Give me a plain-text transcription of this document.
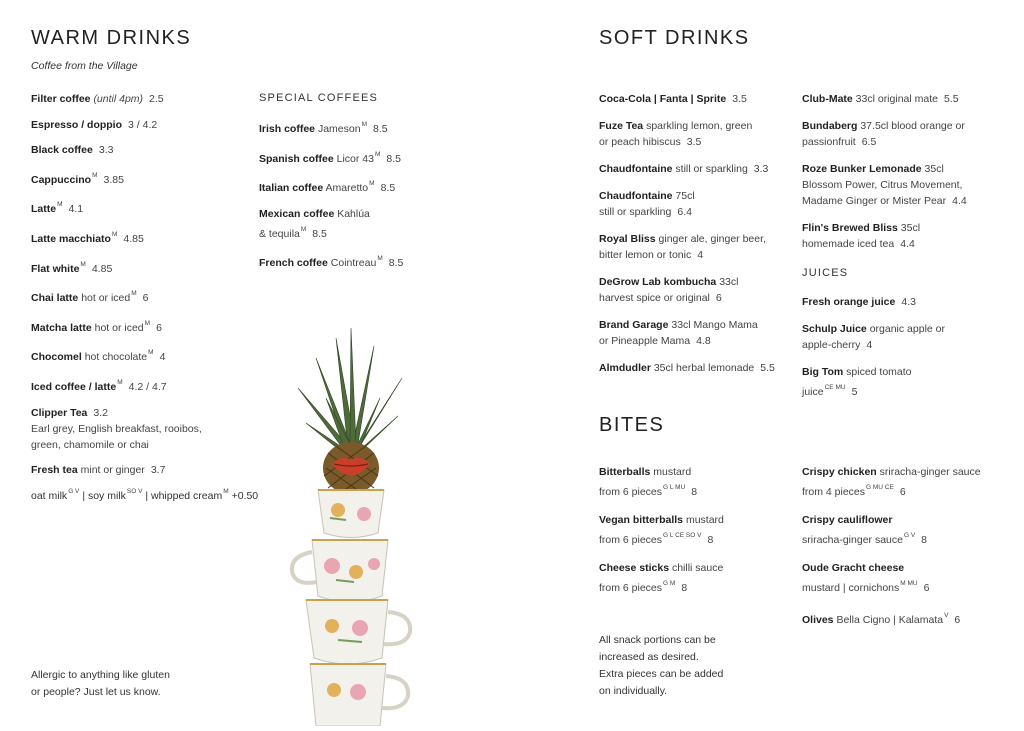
WARM DRINKS
Coffee from the Village
Filter coffee (until 4pm) 2.5
Espresso / doppio 3 / 4.2
Black coffee 3.3
Cappuccino$^M$ 3.85
Latte$^M$ 4.1
Latte macchiato$^M$ 4.85
Flat white$^M$ 4.85
Chai latte hot or iced$^M$ 6
Matcha latte hot or iced$^M$ 6
Chocomel hot chocolate$^M$ 4
Iced coffee / latte$^M$ 4.2 / 4.7
Clipper Tea 3.2
Earl grey, English breakfast, rooibos,
green, chamomile or chai
Fresh tea mint or ginger 3.7
oat milk$^{G V}$ | soy milk$^{SO V}$ | whipped cream$^M$ +0.50
Allergic to anything like gluten
or people? Just let us know.
SPECIAL COFFEES
Irish coffee Jameson$^M$ 8.5
Spanish coffee Licor $43^M$ 8.5
Italian coffee Amaretto$^M$ 8.5
Mexican coffee Kahlúa
& tequila$^M$ 8.5
French coffee Cointreau$^M$ 8.5
SOFT DRINKS
Coca-Cola | Fanta | Sprite 3.5
Fuze Tea sparkling lemon, green
or peach hibiscus 3.5
Chaudfontaine still or sparkling 3.3
Chaudfontaine 75cl
still or sparkling 6.4
Royal Bliss ginger ale, ginger beer,
bitter lemon or tonic 4
DeGrow Lab kombucha 33cl
harvest spice or original 6
Brand Garage 33cl Mango Mama
or Pineapple Mama 4.8
Almdudler 35cl herbal lemonade 5.5
Club-Mate 33cl original mate 5.5
Bundaberg 37.5cl blood orange or
passionfruit 6.5
Roze Bunker Lemonade 35cl
Blossom Power, Citrus Movement,
Madame Ginger or Mister Pear 4.4
Flin's Brewed Bliss 35cl
homemade iced tea 4.4
JUICES
Fresh orange juice 4.3
Schulp Juice organic apple or
apple-cherry 4
Big Tom spiced tomato
juice$^{CE MU}$ 5
BITES
Bitterballs mustard
from 6 pieces$^{G L MU}$ 8
Vegan bitterballs mustard
from 6 pieces$^{G L CE SO V}$ 8
Cheese sticks chilli sauce
from 6 pieces$^{G M}$ 8
Crispy chicken sriracha-ginger sauce
from 4 pieces$^{G MU CE}$ 6
Crispy cauliflower
sriracha-ginger sauce$^{G V}$ 8
Oude Gracht cheese
mustard | cornichons$^{M MU}$ 6
Olives Bella Cigno | Kalamata$^V$ 6
All snack portions can be
increased as desired.
Extra pieces can be added
on individually.
